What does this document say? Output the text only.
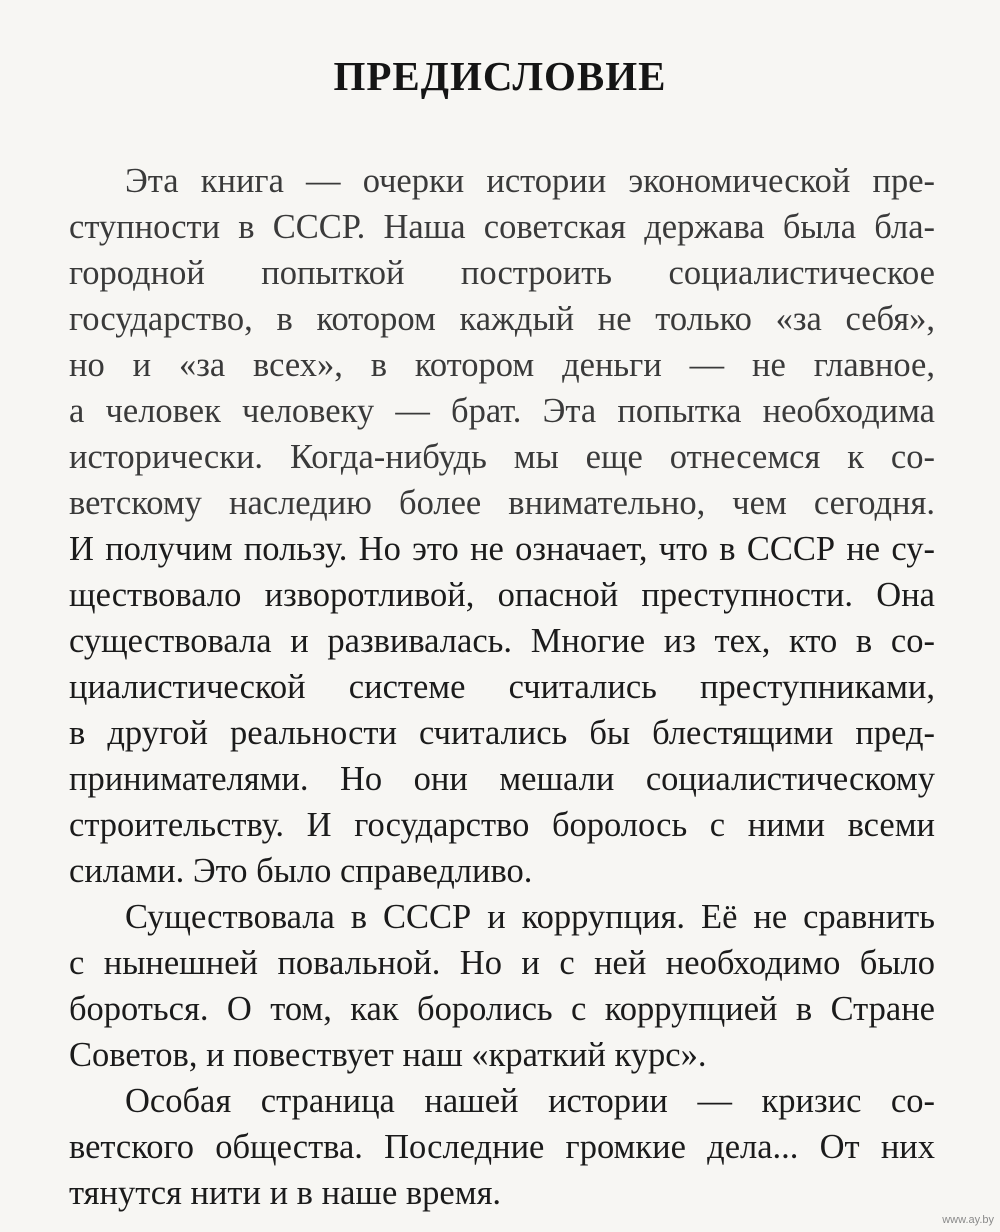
ПРЕДИСЛОВИЕ
Эта книга — очерки истории экономической пре-
ступности в СССР. Наша советская держава была бла-
городной попыткой построить социалистическое
государство, в котором каждый не только «за себя»,
но и «за всех», в котором деньги — не главное,
а человек человеку — брат. Эта попытка необходима
исторически. Когда-нибудь мы еще отнесемся к со-
ветскому наследию более внимательно, чем сегодня.
И получим пользу. Но это не означает, что в СССР не су-
ществовало изворотливой, опасной преступности. Она
существовала и развивалась. Многие из тех, кто в со-
циалистической системе считались преступниками,
в другой реальности считались бы блестящими пред-
принимателями. Но они мешали социалистическому
строительству. И государство боролось с ними всеми
силами. Это было справедливо.
Существовала в СССР и коррупция. Её не сравнить
с нынешней повальной. Но и с ней необходимо было
бороться. О том, как боролись с коррупцией в Стране
Советов, и повествует наш «краткий курс».
Особая страница нашей истории — кризис со-
ветского общества. Последние громкие дела... От них
тянутся нити и в наше время.
www.ay.by
